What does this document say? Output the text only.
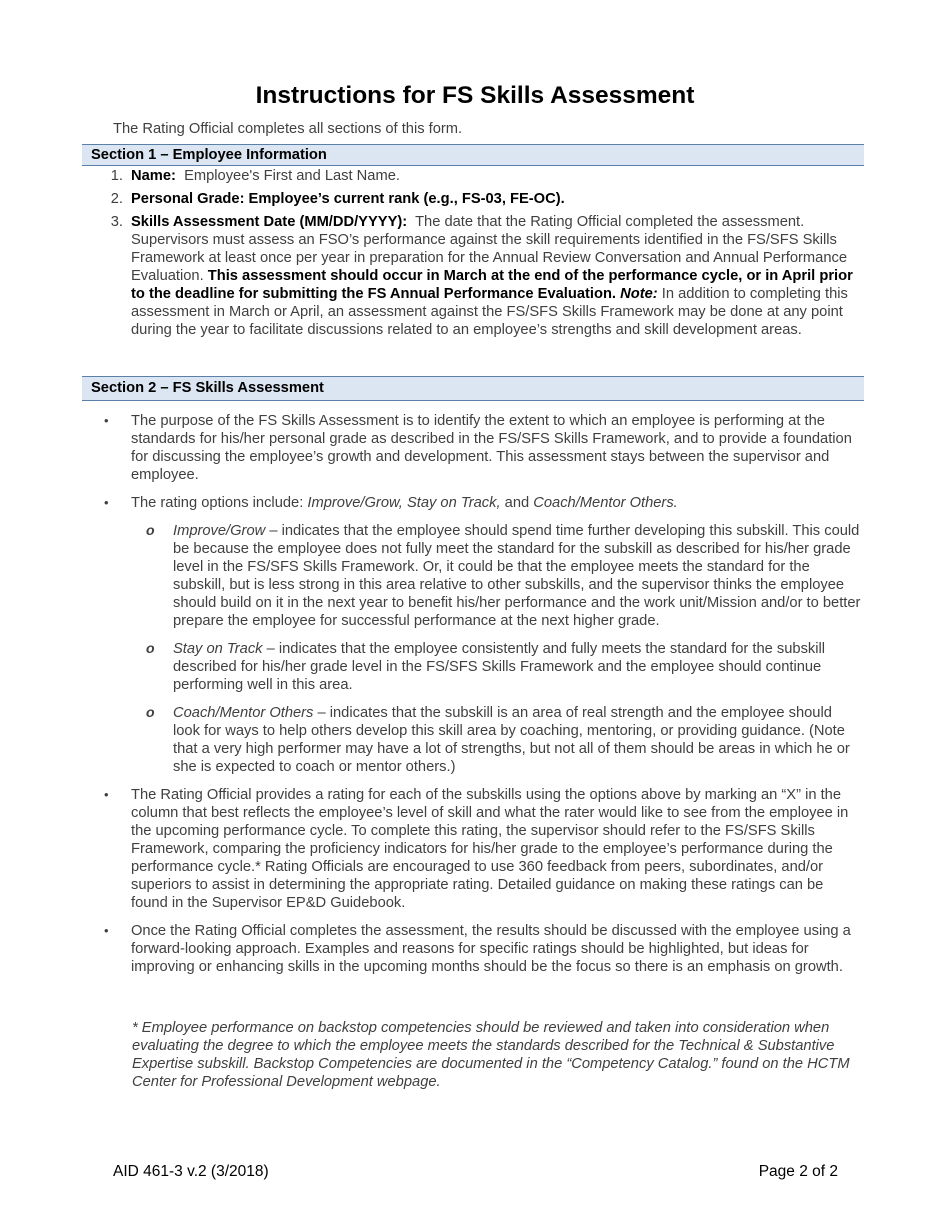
Instructions for FS Skills Assessment

The Rating Official completes all sections of this form.

Section 1 – Employee Information
1. Name: Employee's First and Last Name.
2. Personal Grade: Employee’s current rank (e.g., FS-03, FE-OC).
3. Skills Assessment Date (MM/DD/YYYY): The date that the Rating Official completed the assessment. Supervisors must assess an FSO’s performance against the skill requirements identified in the FS/SFS Skills Framework at least once per year in preparation for the Annual Review Conversation and Annual Performance Evaluation. This assessment should occur in March at the end of the performance cycle, or in April prior to the deadline for submitting the FS Annual Performance Evaluation. Note: In addition to completing this assessment in March or April, an assessment against the FS/SFS Skills Framework may be done at any point during the year to facilitate discussions related to an employee’s strengths and skill development areas.
Section 2 – FS Skills Assessment
• The purpose of the FS Skills Assessment is to identify the extent to which an employee is performing at the standards for his/her personal grade as described in the FS/SFS Skills Framework, and to provide a foundation for discussing the employee’s growth and development. This assessment stays between the supervisor and employee.
• The rating options include: Improve/Grow, Stay on Track, and Coach/Mentor Others.
o Improve/Grow – indicates that the employee should spend time further developing this subskill. This could be because the employee does not fully meet the standard for the subskill as described for his/her grade level in the FS/SFS Skills Framework. Or, it could be that the employee meets the standard for the subskill, but is less strong in this area relative to other subskills, and the supervisor thinks the employee should build on it in the next year to benefit his/her performance and the work unit/Mission and/or to better prepare the employee for successful performance at the next higher grade.
o Stay on Track – indicates that the employee consistently and fully meets the standard for the subskill described for his/her grade level in the FS/SFS Skills Framework and the employee should continue performing well in this area.
o Coach/Mentor Others – indicates that the subskill is an area of real strength and the employee should look for ways to help others develop this skill area by coaching, mentoring, or providing guidance. (Note that a very high performer may have a lot of strengths, but not all of them should be areas in which he or she is expected to coach or mentor others.)
• The Rating Official provides a rating for each of the subskills using the options above by marking an “X” in the column that best reflects the employee’s level of skill and what the rater would like to see from the employee in the upcoming performance cycle. To complete this rating, the supervisor should refer to the FS/SFS Skills Framework, comparing the proficiency indicators for his/her grade to the employee’s performance during the performance cycle.* Rating Officials are encouraged to use 360 feedback from peers, subordinates, and/or superiors to assist in determining the appropriate rating. Detailed guidance on making these ratings can be found in the Supervisor EP&D Guidebook.
• Once the Rating Official completes the assessment, the results should be discussed with the employee using a forward-looking approach. Examples and reasons for specific ratings should be highlighted, but ideas for improving or enhancing skills in the upcoming months should be the focus so there is an emphasis on growth.

* Employee performance on backstop competencies should be reviewed and taken into consideration when evaluating the degree to which the employee meets the standards described for the Technical & Substantive Expertise subskill. Backstop Competencies are documented in the “Competency Catalog.” found on the HCTM Center for Professional Development webpage.

AID 461-3 v.2 (3/2018)	Page 2 of 2
